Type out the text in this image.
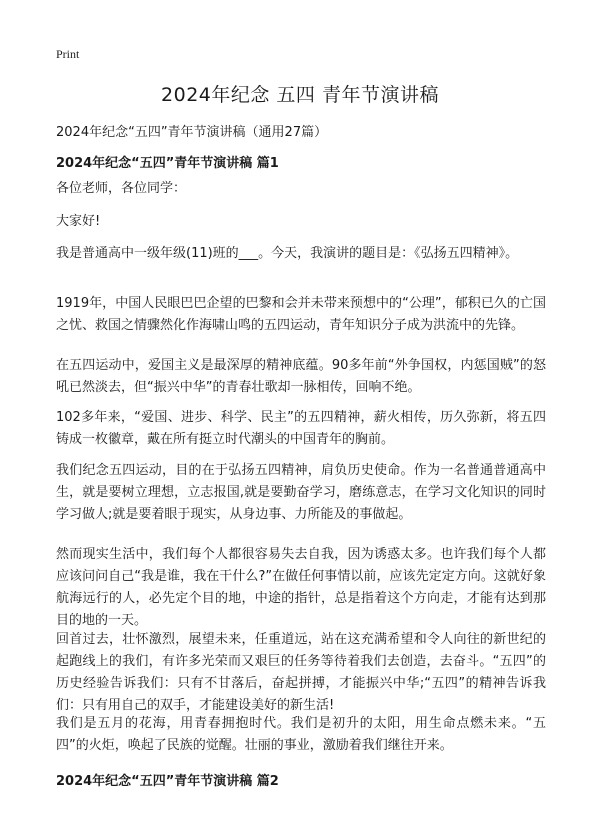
Print
2024年纪念 五四 青年节演讲稿

2024年纪念“五四”青年节演讲稿（通用27篇）

2024年纪念“五四”青年节演讲稿 篇1

各位老师，各位同学：

大家好!

我是普通高中一级年级(11)班的___。今天，我演讲的题目是：《弘扬五四精神》。

1919年，中国人民眼巴巴企望的巴黎和会并未带来预想中的“公理”，郁积已久的亡国之忧、救国之情骤然化作海啸山鸣的五四运动，青年知识分子成为洪流中的先锋。

在五四运动中，爱国主义是最深厚的精神底蕴。90多年前“外争国权，内惩国贼”的怒吼已然淡去，但“振兴中华”的青春壮歌却一脉相传，回响不绝。

102多年来，“爱国、进步、科学、民主”的五四精神，薪火相传，历久弥新，将五四铸成一枚徽章，戴在所有挺立时代潮头的中国青年的胸前。

我们纪念五四运动，目的在于弘扬五四精神，肩负历史使命。作为一名普通普通高中生，就是要树立理想，立志报国,就是要勤奋学习，磨练意志，在学习文化知识的同时学习做人;就是要着眼于现实，从身边事、力所能及的事做起。

然而现实生活中，我们每个人都很容易失去自我，因为诱惑太多。也许我们每个人都应该问问自己“我是谁，我在干什么?”在做任何事情以前，应该先定定方向。这就好象航海远行的人，必先定个目的地，中途的指针，总是指着这个方向走，才能有达到那目的地的一天。

回首过去，壮怀激烈，展望未来，任重道远，站在这充满希望和令人向往的新世纪的起跑线上的我们，有许多光荣而又艰巨的任务等待着我们去创造，去奋斗。“五四”的历史经验告诉我们：只有不甘落后，奋起拼搏，才能振兴中华;“五四”的精神告诉我们：只有用自己的双手，才能建设美好的新生活!

我们是五月的花海，用青春拥抱时代。我们是初升的太阳，用生命点燃未来。“五四”的火炬，唤起了民族的觉醒。壮丽的事业，激励着我们继往开来。

2024年纪念“五四”青年节演讲稿 篇2
